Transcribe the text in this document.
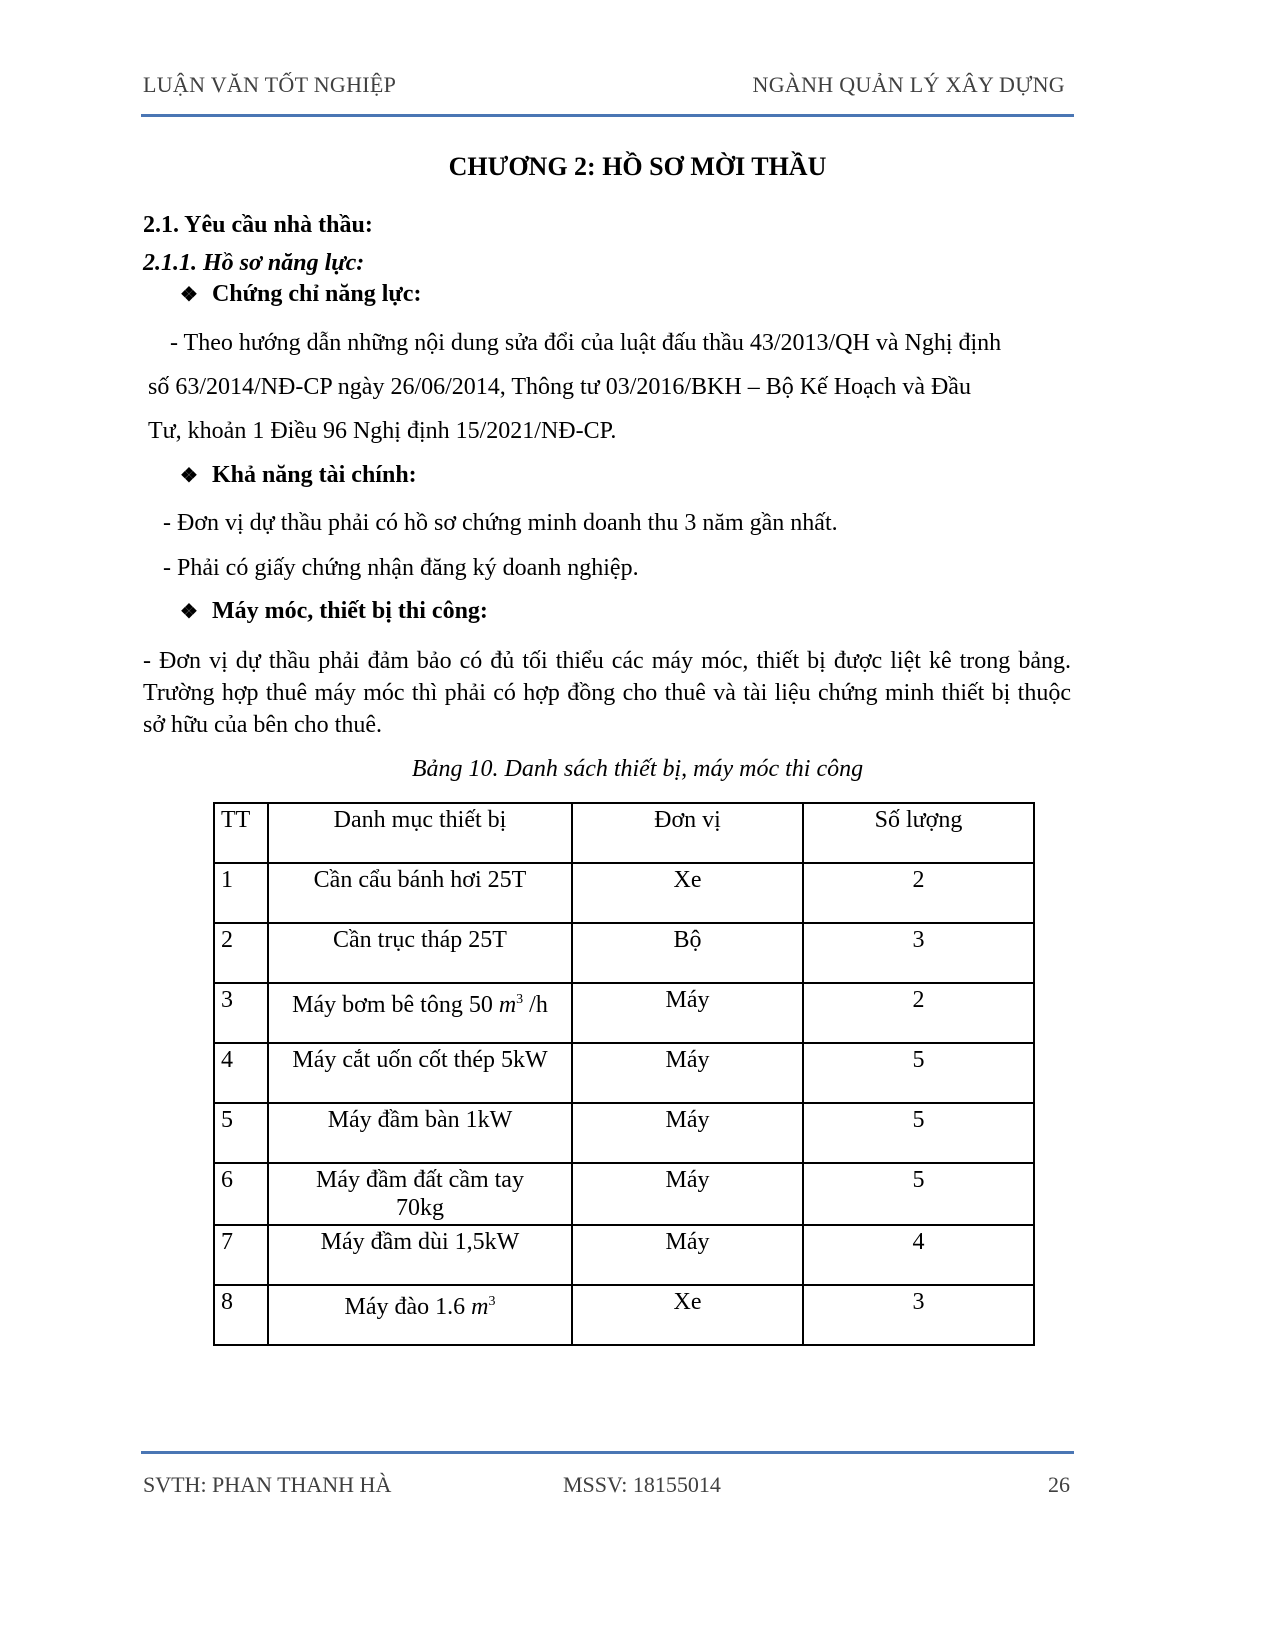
LUẬN VĂN TỐT NGHIỆP	NGÀNH QUẢN LÝ XÂY DỰNG
CHƯƠNG 2: HỒ SƠ MỜI THẦU
2.1. Yêu cầu nhà thầu:
2.1.1. Hồ sơ năng lực:
❖ Chứng chỉ năng lực:
- Theo hướng dẫn những nội dung sửa đổi của luật đấu thầu 43/2013/QH và Nghị định
số 63/2014/NĐ-CP ngày 26/06/2014, Thông tư 03/2016/BKH – Bộ Kế Hoạch và Đầu
Tư, khoản 1 Điều 96 Nghị định 15/2021/NĐ-CP.
❖ Khả năng tài chính:
- Đơn vị dự thầu phải có hồ sơ chứng minh doanh thu 3 năm gần nhất.
- Phải có giấy chứng nhận đăng ký doanh nghiệp.
❖ Máy móc, thiết bị thi công:
- Đơn vị dự thầu phải đảm bảo có đủ tối thiểu các máy móc, thiết bị được liệt kê trong bảng. Trường hợp thuê máy móc thì phải có hợp đồng cho thuê và tài liệu chứng minh thiết bị thuộc sở hữu của bên cho thuê.
Bảng 10. Danh sách thiết bị, máy móc thi công
TT	Danh mục thiết bị	Đơn vị	Số lượng
1	Cần cẩu bánh hơi 25T	Xe	2
2	Cần trục tháp 25T	Bộ	3
3	Máy bơm bê tông 50 $m^3$ /h	Máy	2
4	Máy cắt uốn cốt thép 5kW	Máy	5
5	Máy đầm bàn 1kW	Máy	5
6	Máy đầm đất cầm tay 70kg	Máy	5
7	Máy đầm dùi 1,5kW	Máy	4
8	Máy đào 1.6 $m^3$	Xe	3
SVTH: PHAN THANH HÀ	MSSV: 18155014	26
